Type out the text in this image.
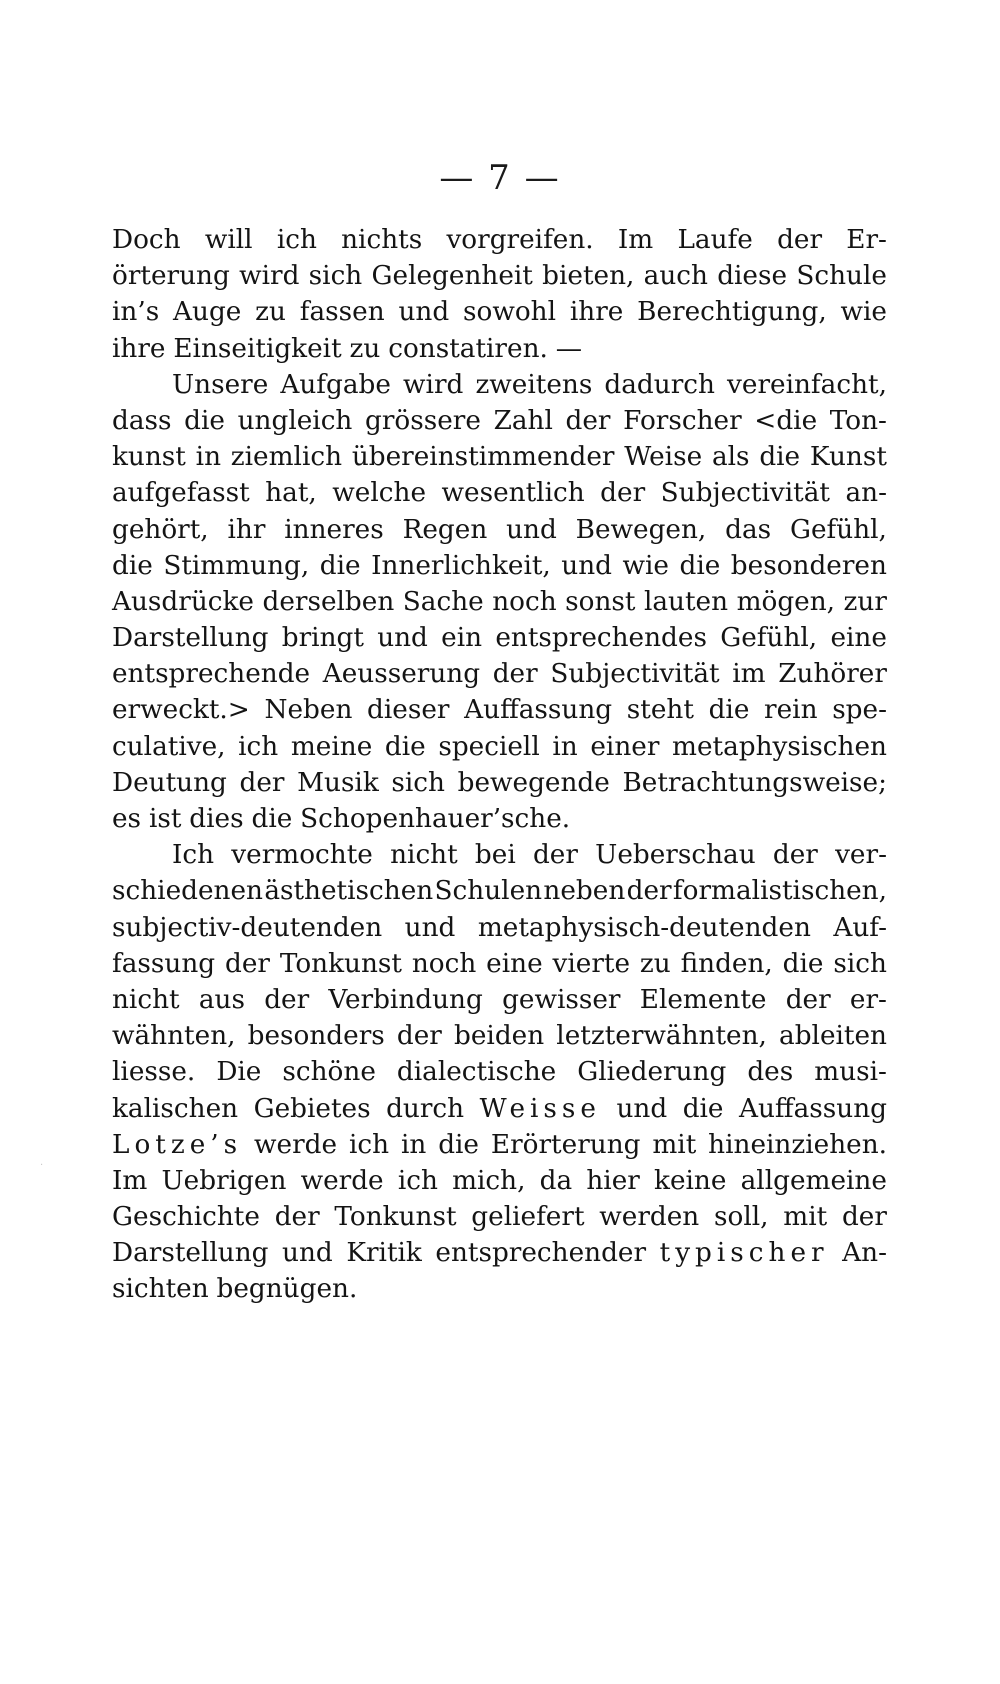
— 7 —
Doch will ich nichts vorgreifen. Im Laufe der Er-
örterung wird sich Gelegenheit bieten, auch diese Schule
in’s Auge zu fassen und sowohl ihre Berechtigung, wie
ihre Einseitigkeit zu constatiren. —
Unsere Aufgabe wird zweitens dadurch vereinfacht,
dass die ungleich grössere Zahl der Forscher <die Ton-
kunst in ziemlich übereinstimmender Weise als die Kunst
aufgefasst hat, welche wesentlich der Subjectivität an-
gehört, ihr inneres Regen und Bewegen, das Gefühl,
die Stimmung, die Innerlichkeit, und wie die besonderen
Ausdrücke derselben Sache noch sonst lauten mögen, zur
Darstellung bringt und ein entsprechendes Gefühl, eine
entsprechende Aeusserung der Subjectivität im Zuhörer
erweckt.> Neben dieser Auffassung steht die rein spe-
culative, ich meine die speciell in einer metaphysischen
Deutung der Musik sich bewegende Betrachtungsweise;
es ist dies die Schopenhauer’sche.
Ich vermochte nicht bei der Ueberschau der ver-
schiedenen ästhetischen Schulen neben der formalistischen,
subjectiv-deutenden und metaphysisch-deutenden Auf-
fassung der Tonkunst noch eine vierte zu finden, die sich
nicht aus der Verbindung gewisser Elemente der er-
wähnten, besonders der beiden letzterwähnten, ableiten
liesse. Die schöne dialectische Gliederung des musi-
kalischen Gebietes durch Weisse und die Auffassung
Lotze’s werde ich in die Erörterung mit hineinziehen.
Im Uebrigen werde ich mich, da hier keine allgemeine
Geschichte der Tonkunst geliefert werden soll, mit der
Darstellung und Kritik entsprechender typischer An-
sichten begnügen.
·
